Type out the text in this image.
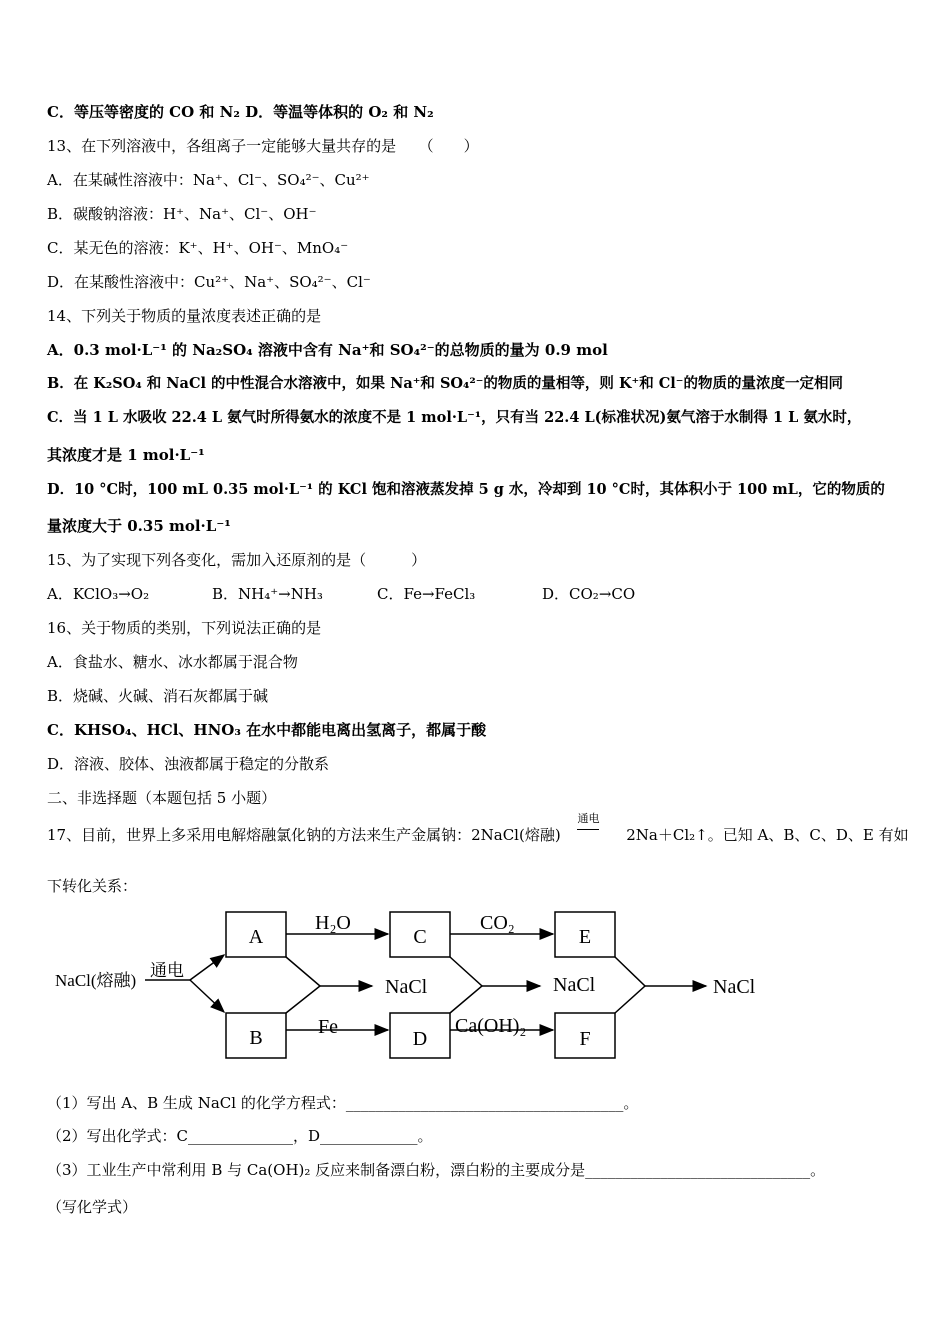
C．等压等密度的 CO 和 N₂ D．等温等体积的 O₂ 和 N₂
13、在下列溶液中，各组离子一定能够大量共存的是　　（　　）
A．在某碱性溶液中：Na⁺、Cl⁻、SO₄²⁻、Cu²⁺
B．碳酸钠溶液：H⁺、Na⁺、Cl⁻、OH⁻
C．某无色的溶液：K⁺、H⁺、OH⁻、MnO₄⁻
D．在某酸性溶液中：Cu²⁺、Na⁺、SO₄²⁻、Cl⁻
14、下列关于物质的量浓度表述正确的是
A．0.3 mol·L⁻¹ 的 Na₂SO₄ 溶液中含有 Na⁺和 SO₄²⁻的总物质的量为 0.9 mol
B．在 K₂SO₄ 和 NaCl 的中性混合水溶液中，如果 Na⁺和 SO₄²⁻的物质的量相等，则 K⁺和 Cl⁻的物质的量浓度一定相同
C．当 1 L 水吸收 22.4 L 氨气时所得氨水的浓度不是 1 mol·L⁻¹，只有当 22.4 L(标准状况)氨气溶于水制得 1 L 氨水时，
其浓度才是 1 mol·L⁻¹
D．10 °C时，100 mL 0.35 mol·L⁻¹ 的 KCl 饱和溶液蒸发掉 5 g 水，冷却到 10 °C时，其体积小于 100 mL，它的物质的
量浓度大于 0.35 mol·L⁻¹
15、为了实现下列各变化，需加入还原剂的是（　　　）
A．KClO₃→O₂	B．NH₄⁺→NH₃	C．Fe→FeCl₃	D．CO₂→CO
16、关于物质的类别，下列说法正确的是
A．食盐水、糖水、冰水都属于混合物
B．烧碱、火碱、消石灰都属于碱
C．KHSO₄、HCl、HNO₃ 在水中都能电离出氢离子，都属于酸
D．溶液、胶体、浊液都属于稳定的分散系
二、非选择题（本题包括 5 小题）
17、目前，世界上多采用电解熔融氯化钠的方法来生产金属钠：2NaCl(熔融)
通电
2Na＋Cl₂↑。已知 A、B、C、D、E 有如
下转化关系：
NaCl(熔融)
通电
A	C	E
B	D	F
H₂O	CO₂
Fe	Ca(OH)₂
NaCl	NaCl	NaCl
（1）写出 A、B 生成 NaCl 的化学方程式：_____________________________________。
（2）写出化学式：C______________，D_____________。
（3）工业生产中常利用 B 与 Ca(OH)₂ 反应来制备漂白粉，漂白粉的主要成分是______________________________。
（写化学式）
